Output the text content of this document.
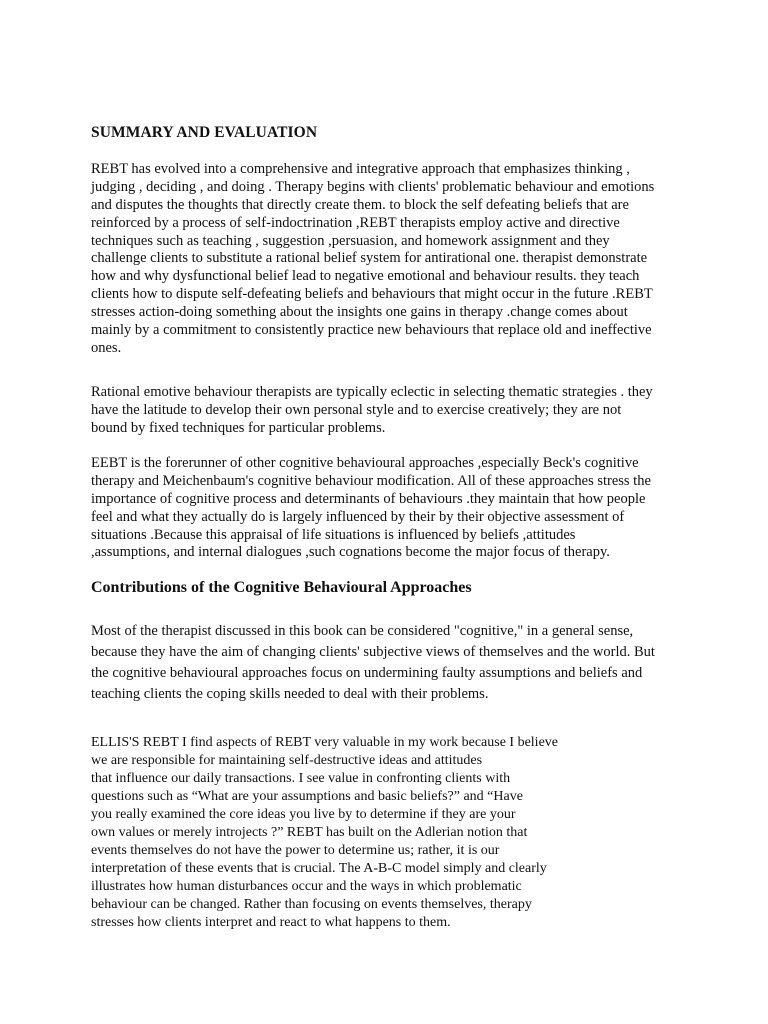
SUMMARY AND EVALUATION
REBT has evolved into a comprehensive and integrative approach that emphasizes thinking ,
judging , deciding , and doing . Therapy begins with clients' problematic behaviour and emotions
and disputes the thoughts that directly create them. to block the self defeating beliefs that are
reinforced by a process of self-indoctrination ,REBT therapists employ active and directive
techniques such as teaching , suggestion ,persuasion, and homework assignment and they
challenge clients to substitute a rational belief system for antirational one. therapist demonstrate
how and why dysfunctional belief lead to negative emotional and behaviour results. they teach
clients how to dispute self-defeating beliefs and behaviours that might occur in the future .REBT
stresses action-doing something about the insights one gains in therapy .change comes about
mainly by a commitment to consistently practice new behaviours that replace old and ineffective
ones.
Rational emotive behaviour therapists are typically eclectic in selecting thematic strategies . they
have the latitude to develop their own personal style and to exercise creatively; they are not
bound by fixed techniques for particular problems.
EEBT is the forerunner of other cognitive behavioural approaches ,especially Beck's cognitive
therapy and Meichenbaum's cognitive behaviour modification. All of these approaches stress the
importance of cognitive process and determinants of behaviours .they maintain that how people
feel and what they actually do is largely influenced by their by their objective assessment of
situations .Because this appraisal of life situations is influenced by beliefs ,attitudes
,assumptions, and internal dialogues ,such cognations become the major focus of therapy.
Contributions of the Cognitive Behavioural Approaches
Most of the therapist discussed in this book can be considered "cognitive," in a general sense,
because they have the aim of changing clients' subjective views of themselves and the world. But
the cognitive behavioural approaches focus on undermining faulty assumptions and beliefs and
teaching clients the coping skills needed to deal with their problems.
ELLIS'S REBT I find aspects of REBT very valuable in my work because I believe
we are responsible for maintaining self-destructive ideas and attitudes
that influence our daily transactions. I see value in confronting clients with
questions such as “What are your assumptions and basic beliefs?” and “Have
you really examined the core ideas you live by to determine if they are your
own values or merely introjects ?” REBT has built on the Adlerian notion that
events themselves do not have the power to determine us; rather, it is our
interpretation of these events that is crucial. The A-B-C model simply and clearly
illustrates how human disturbances occur and the ways in which problematic
behaviour can be changed. Rather than focusing on events themselves, therapy
stresses how clients interpret and react to what happens to them.
